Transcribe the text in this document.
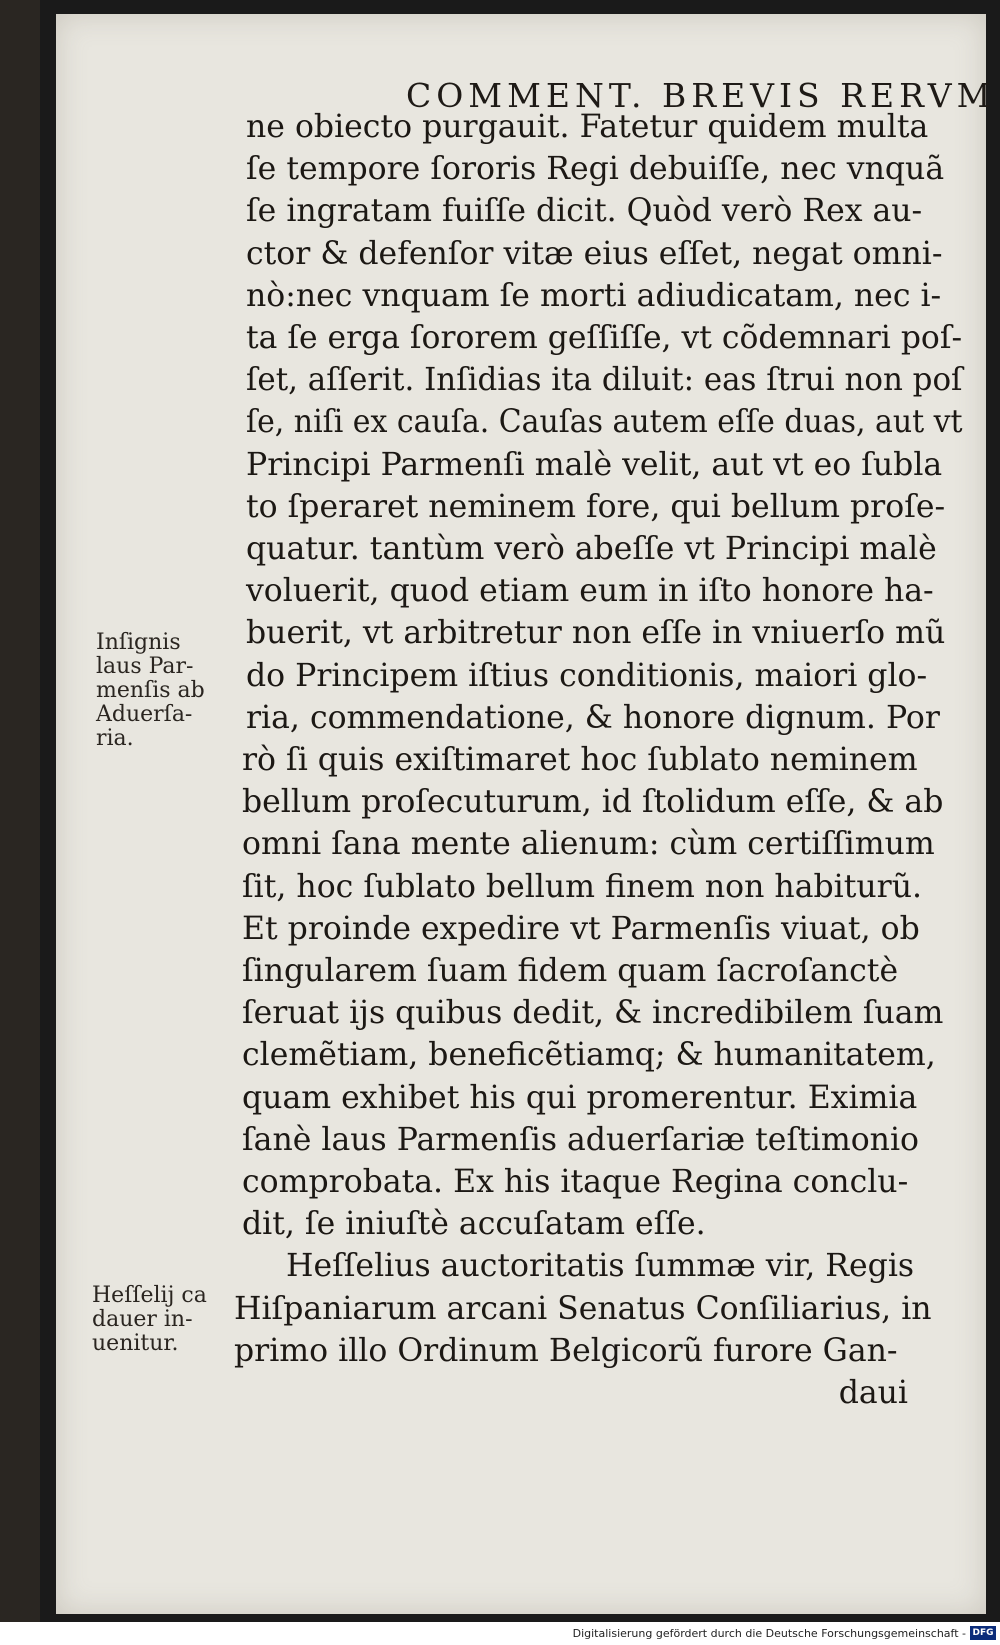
COMMENT. BREVIS RERVM
ne obiecto purgauit. Fatetur quidem multa
ſe tempore ſororis Regi debuiſſe, nec vnquã
ſe ingratam fuiſſe dicit. Quòd verò Rex au-
ctor & defenſor vitæ eius eſſet, negat omni-
nò:nec vnquam ſe morti adiudicatam, nec i-
ta ſe erga ſororem geſſiſſe, vt cõdemnari poſ-
ſet, aſſerit. Inſidias ita diluit: eas ſtrui non poſ
ſe, niſi ex cauſa. Cauſas autem eſſe duas, aut vt
Principi Parmenſi malè velit, aut vt eo ſubla
to ſperaret neminem fore, qui bellum proſe-
quatur. tantùm verò abeſſe vt Principi malè
voluerit, quod etiam eum in iſto honore ha-
buerit, vt arbitretur non eſſe in vniuerſo mũ
do Principem iſtius conditionis, maiori glo-
ria, commendatione, & honore dignum. Por
rò ſi quis exiſtimaret hoc ſublato neminem
bellum proſecuturum, id ſtolidum eſſe, & ab
omni ſana mente alienum: cùm certiſſimum
ſit, hoc ſublato bellum finem non habiturũ.
Et proinde expedire vt Parmenſis viuat, ob
ſingularem ſuam fidem quam ſacroſanctè
ſeruat ijs quibus dedit, & incredibilem ſuam
clemẽtiam, beneficẽtiamq; & humanitatem,
quam exhibet his qui promerentur. Eximia
ſanè laus Parmenſis aduerſariæ teſtimonio
comprobata. Ex his itaque Regina conclu-
dit, ſe iniuſtè accuſatam eſſe.
Heſſelius auctoritatis ſummæ vir, Regis
Hiſpaniarum arcani Senatus Conſiliarius, in
primo illo Ordinum Belgicorũ furore Gan-
daui
Inſignis
laus Par-
menſis ab
Aduerſa-
ria.
Heſſelij ca
dauer in-
uenitur.
Digitalisierung gefördert durch die Deutsche Forschungsgemeinschaft - DFG
